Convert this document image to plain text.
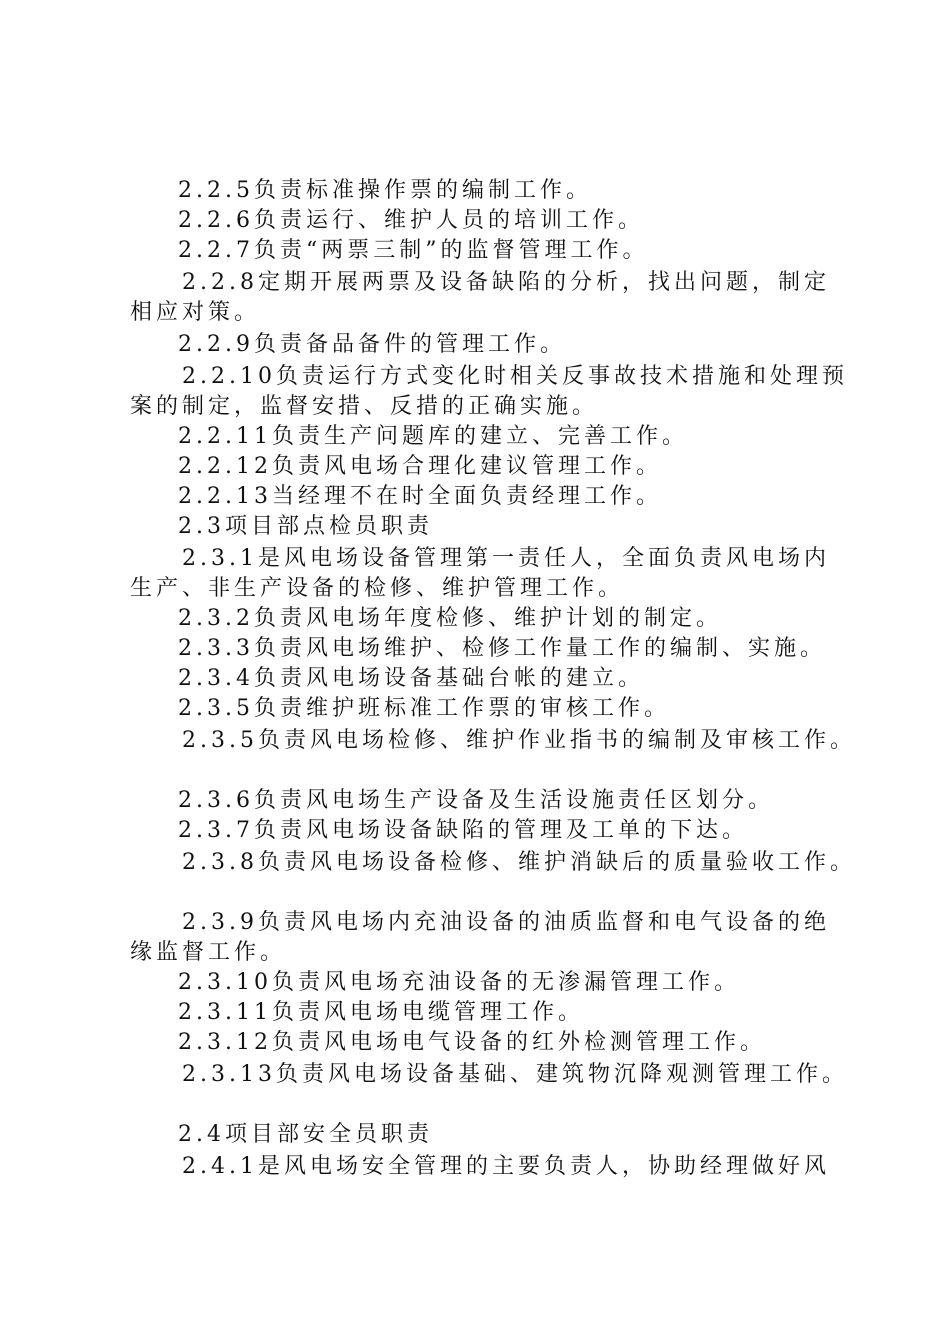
2.2.5负责标准操作票的编制工作。
2.2.6负责运行、维护人员的培训工作。
2.2.7负责“两票三制”的监督管理工作。
2.2.8定期开展两票及设备缺陷的分析，找出问题，制定
相应对策。
2.2.9负责备品备件的管理工作。
2.2.10负责运行方式变化时相关反事故技术措施和处理预
案的制定，监督安措、反措的正确实施。
2.2.11负责生产问题库的建立、完善工作。
2.2.12负责风电场合理化建议管理工作。
2.2.13当经理不在时全面负责经理工作。
2.3项目部点检员职责
2.3.1是风电场设备管理第一责任人，全面负责风电场内
生产、非生产设备的检修、维护管理工作。
2.3.2负责风电场年度检修、维护计划的制定。
2.3.3负责风电场维护、检修工作量工作的编制、实施。
2.3.4负责风电场设备基础台帐的建立。
2.3.5负责维护班标准工作票的审核工作。
2.3.5负责风电场检修、维护作业指书的编制及审核工作。
2.3.6负责风电场生产设备及生活设施责任区划分。
2.3.7负责风电场设备缺陷的管理及工单的下达。
2.3.8负责风电场设备检修、维护消缺后的质量验收工作。
2.3.9负责风电场内充油设备的油质监督和电气设备的绝
缘监督工作。
2.3.10负责风电场充油设备的无渗漏管理工作。
2.3.11负责风电场电缆管理工作。
2.3.12负责风电场电气设备的红外检测管理工作。
2.3.13负责风电场设备基础、建筑物沉降观测管理工作。
2.4项目部安全员职责
2.4.1是风电场安全管理的主要负责人，协助经理做好风
